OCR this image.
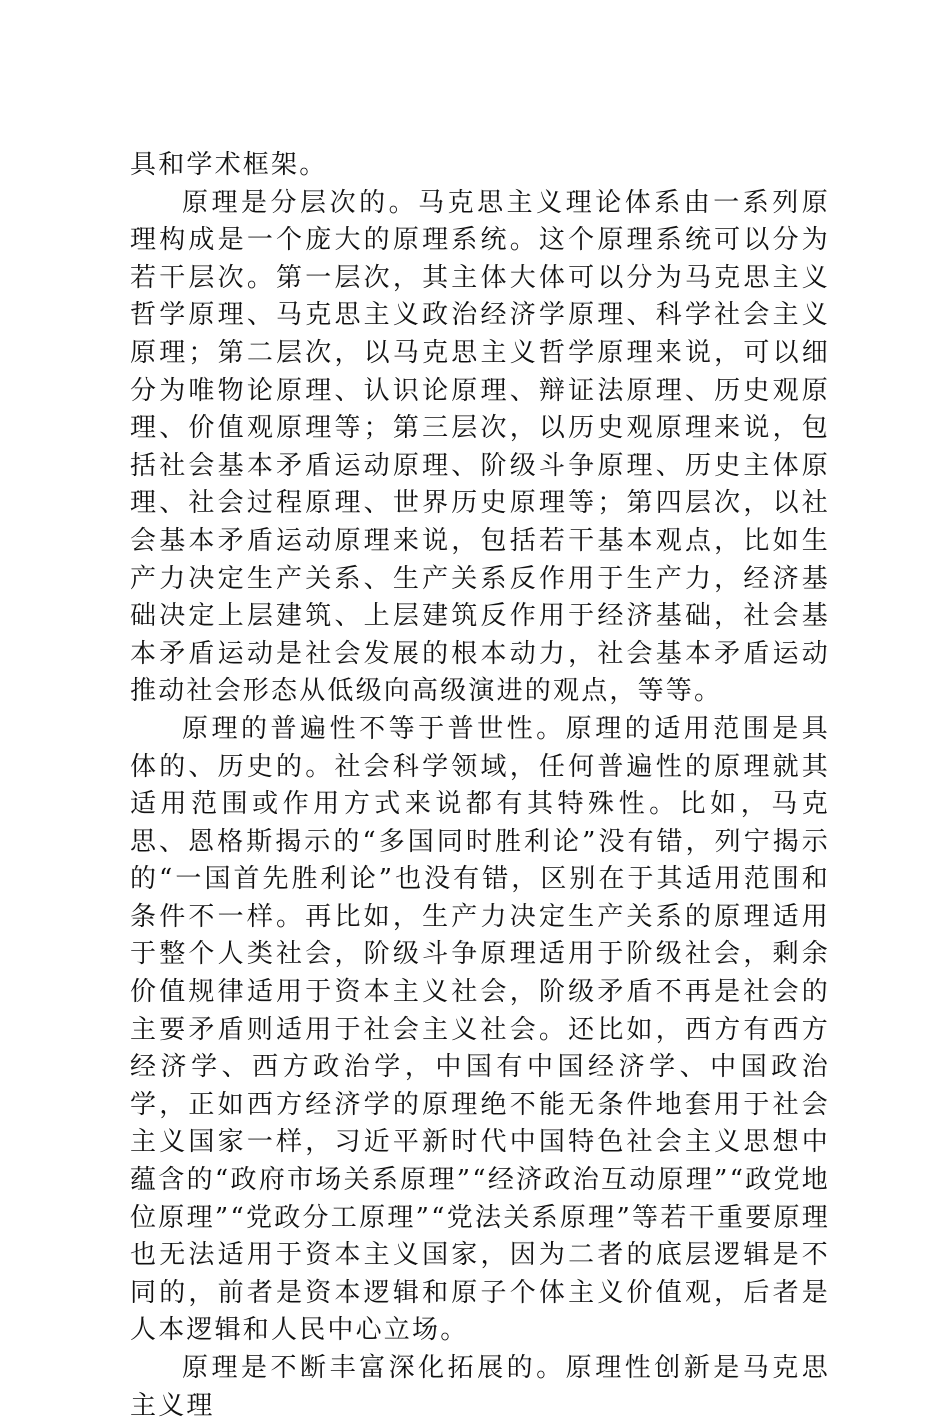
具和学术框架。

原理是分层次的。马克思主义理论体系由一系列原理构成是一个庞大的原理系统。这个原理系统可以分为若干层次。第一层次，其主体大体可以分为马克思主义哲学原理、马克思主义政治经济学原理、科学社会主义原理；第二层次，以马克思主义哲学原理来说，可以细分为唯物论原理、认识论原理、辩证法原理、历史观原理、价值观原理等；第三层次，以历史观原理来说，包括社会基本矛盾运动原理、阶级斗争原理、历史主体原理、社会过程原理、世界历史原理等；第四层次，以社会基本矛盾运动原理来说，包括若干基本观点，比如生产力决定生产关系、生产关系反作用于生产力，经济基础决定上层建筑、上层建筑反作用于经济基础，社会基本矛盾运动是社会发展的根本动力，社会基本矛盾运动推动社会形态从低级向高级演进的观点，等等。

原理的普遍性不等于普世性。原理的适用范围是具体的、历史的。社会科学领域，任何普遍性的原理就其适用范围或作用方式来说都有其特殊性。比如，马克思、恩格斯揭示的“多国同时胜利论”没有错，列宁揭示的“一国首先胜利论”也没有错，区别在于其适用范围和条件不一样。再比如，生产力决定生产关系的原理适用于整个人类社会，阶级斗争原理适用于阶级社会，剩余价值规律适用于资本主义社会，阶级矛盾不再是社会的主要矛盾则适用于社会主义社会。还比如，西方有西方经济学、西方政治学，中国有中国经济学、中国政治学，正如西方经济学的原理绝不能无条件地套用于社会主义国家一样，习近平新时代中国特色社会主义思想中蕴含的“政府市场关系原理”“经济政治互动原理”“政党地位原理”“党政分工原理”“党法关系原理”等若干重要原理也无法适用于资本主义国家，因为二者的底层逻辑是不同的，前者是资本逻辑和原子个体主义价值观，后者是人本逻辑和人民中心立场。

原理是不断丰富深化拓展的。原理性创新是马克思主义理
